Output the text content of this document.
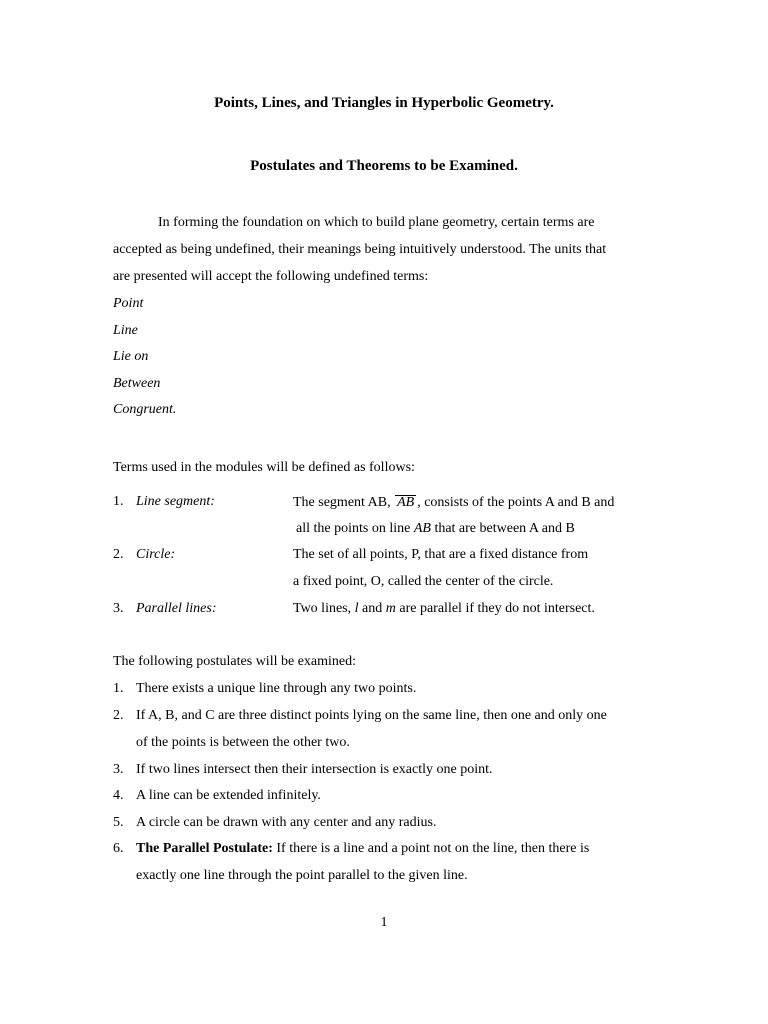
Points, Lines, and Triangles in Hyperbolic Geometry.
Postulates and Theorems to be Examined.
In forming the foundation on which to build plane geometry, certain terms are
accepted as being undefined, their meanings being intuitively understood. The units that
are presented will accept the following undefined terms:
Point
Line
Lie on
Between
Congruent.
Terms used in the modules will be defined as follows:
1. Line segment:	The segment AB, AB , consists of the points A and B and
all the points on line AB that are between A and B
2. Circle:	The set of all points, P, that are a fixed distance from
a fixed point, O, called the center of the circle.
3. Parallel lines:	Two lines, l and m are parallel if they do not intersect.
The following postulates will be examined:
1. There exists a unique line through any two points.
2. If A, B, and C are three distinct points lying on the same line, then one and only one
of the points is between the other two.
3. If two lines intersect then their intersection is exactly one point.
4. A line can be extended infinitely.
5. A circle can be drawn with any center and any radius.
6. The Parallel Postulate: If there is a line and a point not on the line, then there is
exactly one line through the point parallel to the given line.
1
